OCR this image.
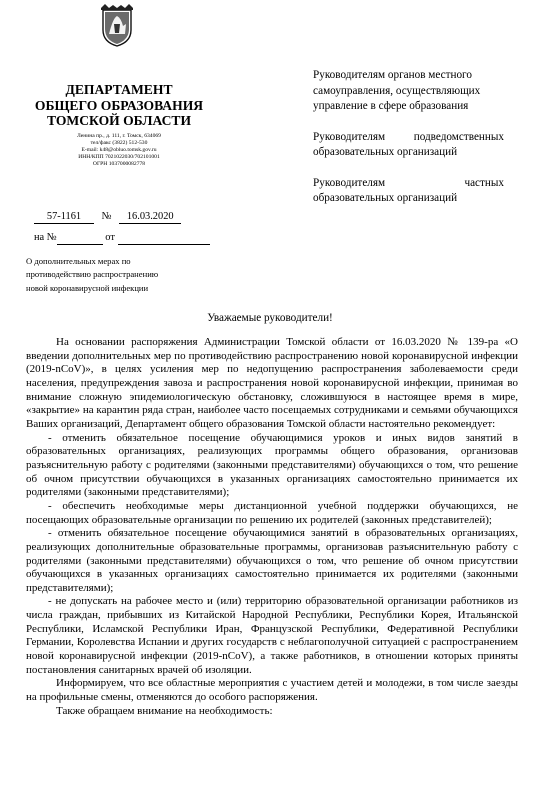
ДЕПАРТАМЕНТ
ОБЩЕГО ОБРАЗОВАНИЯ
ТОМСКОЙ ОБЛАСТИ
Ленина пр., д. 111, г. Томск, 634069
тел/факс (3822) 512-530
E-mail: k48@obluo.tomsk.gov.ru
ИНН/КПП 7021022030/702101001
ОГРН 1037000082778

Руководителям органов местного самоуправления, осуществляющих управление в сфере образования

Руководителям подведомственных образовательных организаций

Руководителям частных образовательных организаций

57-1161 № 16.03.2020
на №	от
О дополнительных мерах по
противодействию распространению
новой коронавирусной инфекции
Уважаемые руководители!

На основании распоряжения Администрации Томской области от 16.03.2020 № 139-ра «О введении дополнительных мер по противодействию распространению новой коронавирусной инфекции (2019-nCoV)», в целях усиления мер по недопущению распространения заболеваемости среди населения, предупреждения завоза и распространения новой коронавирусной инфекции, принимая во внимание сложную эпидемиологическую обстановку, сложившуюся в настоящее время в мире, «закрытие» на карантин ряда стран, наиболее часто посещаемых сотрудниками и семьями обучающихся Ваших организаций, Департамент общего образования Томской области настоятельно рекомендует:

- отменить обязательное посещение обучающимися уроков и иных видов занятий в образовательных организациях, реализующих программы общего образования, организовав разъяснительную работу с родителями (законными представителями) обучающихся о том, что решение об очном присутствии обучающихся в указанных организациях самостоятельно принимается их родителями (законными представителями);

- обеспечить необходимые меры дистанционной учебной поддержки обучающихся, не посещающих образовательные организации по решению их родителей (законных представителей);

- отменить обязательное посещение обучающимися занятий в образовательных организациях, реализующих дополнительные образовательные программы, организовав разъяснительную работу с родителями (законными представителями) обучающихся о том, что решение об очном присутствии обучающихся в указанных организациях самостоятельно принимается их родителями (законными представителями);

- не допускать на рабочее место и (или) территорию образовательной организации работников из числа граждан, прибывших из Китайской Народной Республики, Республики Корея, Итальянской Республики, Исламской Республики Иран, Французской Республики, Федеративной Республики Германии, Королевства Испании и других государств с неблагополучной ситуацией с распространением новой коронавирусной инфекции (2019-nCoV), а также работников, в отношении которых приняты постановления санитарных врачей об изоляции.

Информируем, что все областные мероприятия с участием детей и молодежи, в том числе заезды на профильные смены, отменяются до особого распоряжения.

Также обращаем внимание на необходимость:
